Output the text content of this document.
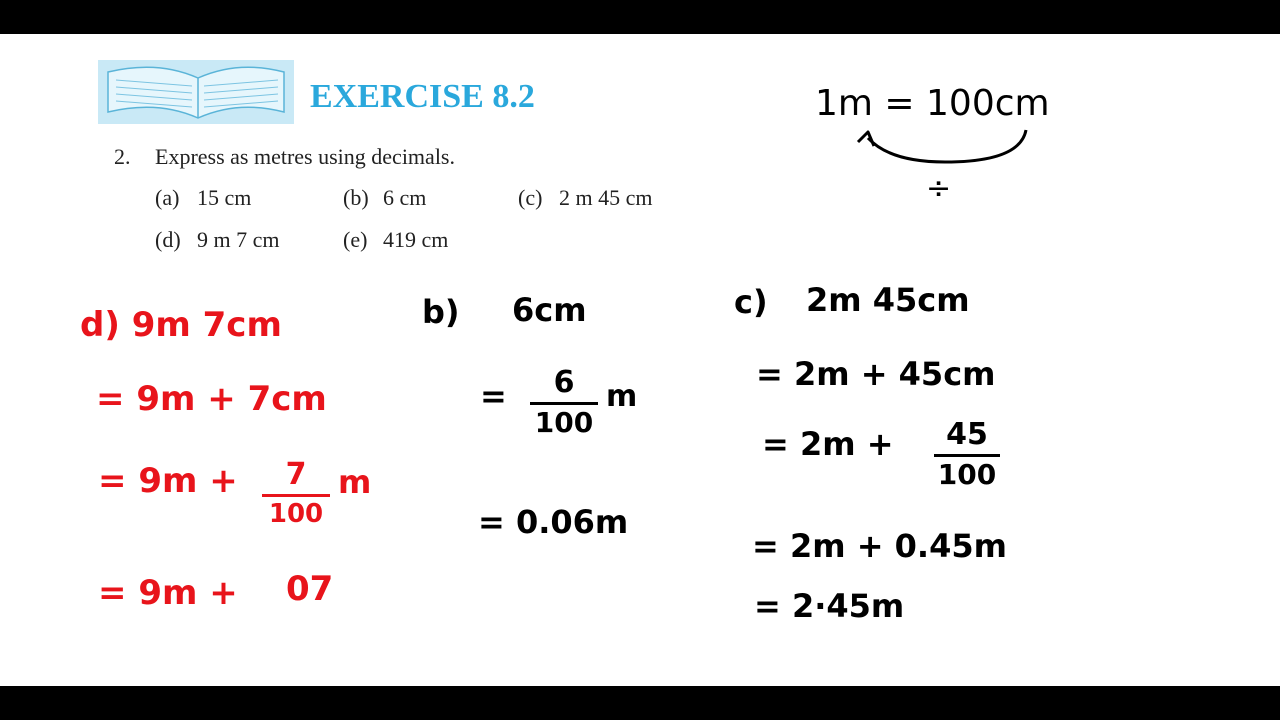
EXERCISE 8.2
2. Express as metres using decimals.
(a) 15 cm	(b) 6 cm	(c) 2 m 45 cm
(d) 9 m 7 cm	(e) 419 cm
1m = 100cm
÷
d) 9m 7cm
= 9m + 7cm
= 9m + 7
100
m
= 9m + 07
b) 6cm
= 6
100
m
= 0.06m
c) 2m 45cm
= 2m + 45cm
= 2m + 45
100
= 2m + 0.45m
= 2·45m
